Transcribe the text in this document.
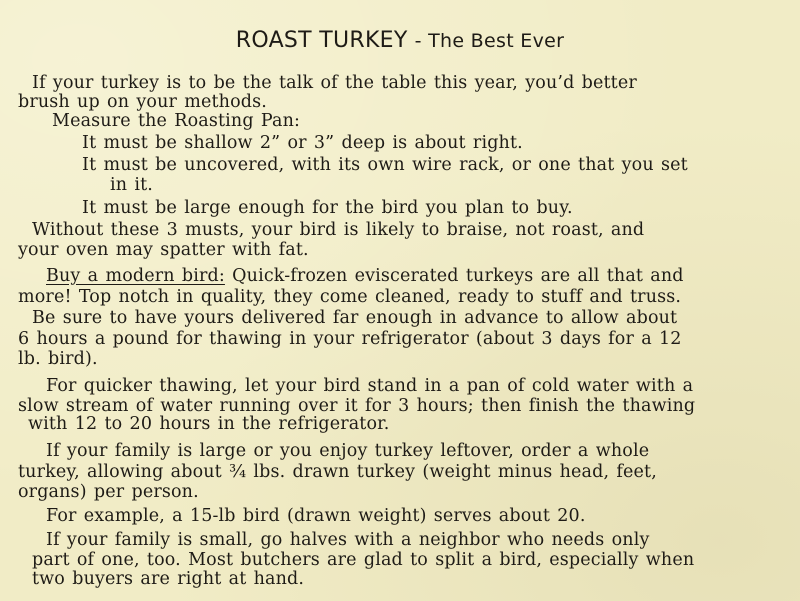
ROAST TURKEY - The Best Ever
If your turkey is to be the talk of the table this year, you’d better
brush up on your methods.
Measure the Roasting Pan:
It must be shallow 2” or 3” deep is about right.
It must be uncovered, with its own wire rack, or one that you set
in it.
It must be large enough for the bird you plan to buy.
Without these 3 musts, your bird is likely to braise, not roast, and
your oven may spatter with fat.
Buy a modern bird: Quick-frozen eviscerated turkeys are all that and
more! Top notch in quality, they come cleaned, ready to stuff and truss.
Be sure to have yours delivered far enough in advance to allow about
6 hours a pound for thawing in your refrigerator (about 3 days for a 12
lb. bird).
For quicker thawing, let your bird stand in a pan of cold water with a
slow stream of water running over it for 3 hours; then finish the thawing
with 12 to 20 hours in the refrigerator.
If your family is large or you enjoy turkey leftover, order a whole
turkey, allowing about ¾ lbs. drawn turkey (weight minus head, feet,
organs) per person.
For example, a 15-lb bird (drawn weight) serves about 20.
If your family is small, go halves with a neighbor who needs only
part of one, too. Most butchers are glad to split a bird, especially when
two buyers are right at hand.
